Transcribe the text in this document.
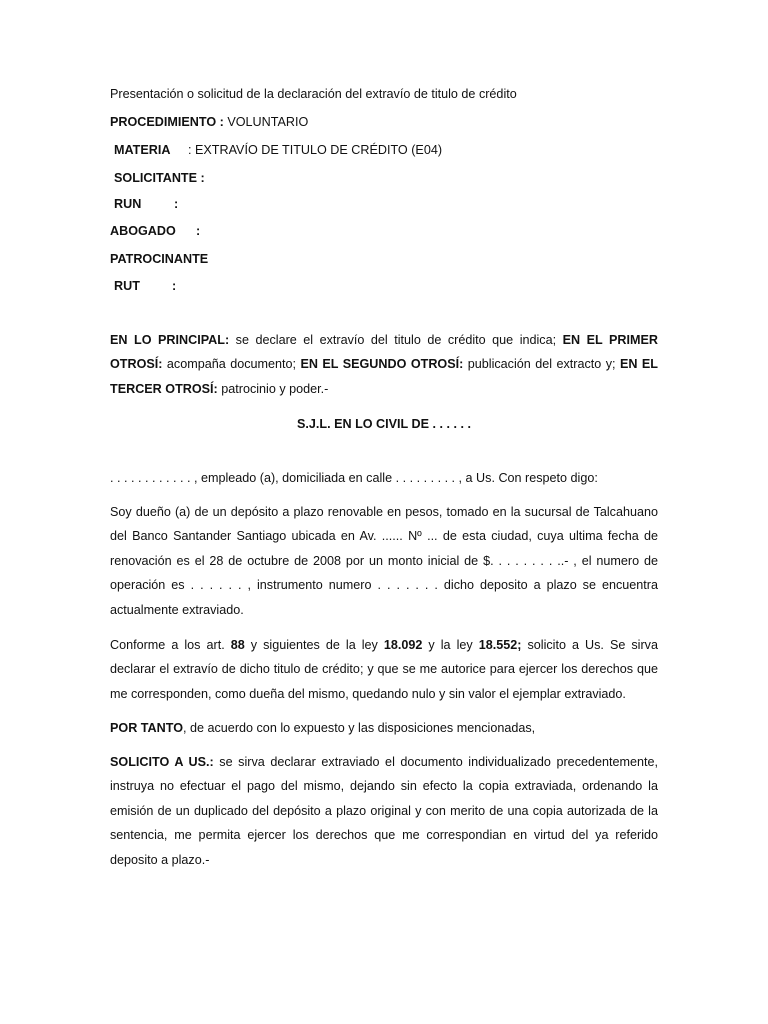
Presentación o solicitud de la declaración del extravío de titulo de crédito
PROCEDIMIENTO : VOLUNTARIO
MATERIA : EXTRAVÍO DE TITULO DE CRÉDITO (E04)
SOLICITANTE :
RUN	:
ABOGADO :
PATROCINANTE
RUT	:
EN LO PRINCIPAL: se declare el extravío del titulo de crédito que indica; EN EL PRIMER OTROSÍ: acompaña documento; EN EL SEGUNDO OTROSÍ: publicación del extracto y; EN EL TERCER OTROSÍ: patrocinio y poder.-
S.J.L. EN LO CIVIL DE . . . . . .
. . . . . . . . . . . . , empleado (a), domiciliada en calle . . . . . . . . . , a Us. Con respeto digo:
Soy dueño (a) de un depósito a plazo renovable en pesos, tomado en la sucursal de Talcahuano del Banco Santander Santiago ubicada en Av. ...... Nº ... de esta ciudad, cuya ultima fecha de renovación es el 28 de octubre de 2008 por un monto inicial de $. . . . . . . . ..- , el numero de operación es . . . . . . , instrumento numero . . . . . . . dicho deposito a plazo se encuentra actualmente extraviado.
Conforme a los art. 88 y siguientes de la ley 18.092 y la ley 18.552; solicito a Us. Se sirva declarar el extravío de dicho titulo de crédito; y que se me autorice para ejercer los derechos que me corresponden, como dueña del mismo, quedando nulo y sin valor el ejemplar extraviado.
POR TANTO, de acuerdo con lo expuesto y las disposiciones mencionadas,
SOLICITO A US.: se sirva declarar extraviado el documento individualizado precedentemente, instruya no efectuar el pago del mismo, dejando sin efecto la copia extraviada, ordenando la emisión de un duplicado del depósito a plazo original y con merito de una copia autorizada de la sentencia, me permita ejercer los derechos que me correspondian en virtud del ya referido deposito a plazo.-
